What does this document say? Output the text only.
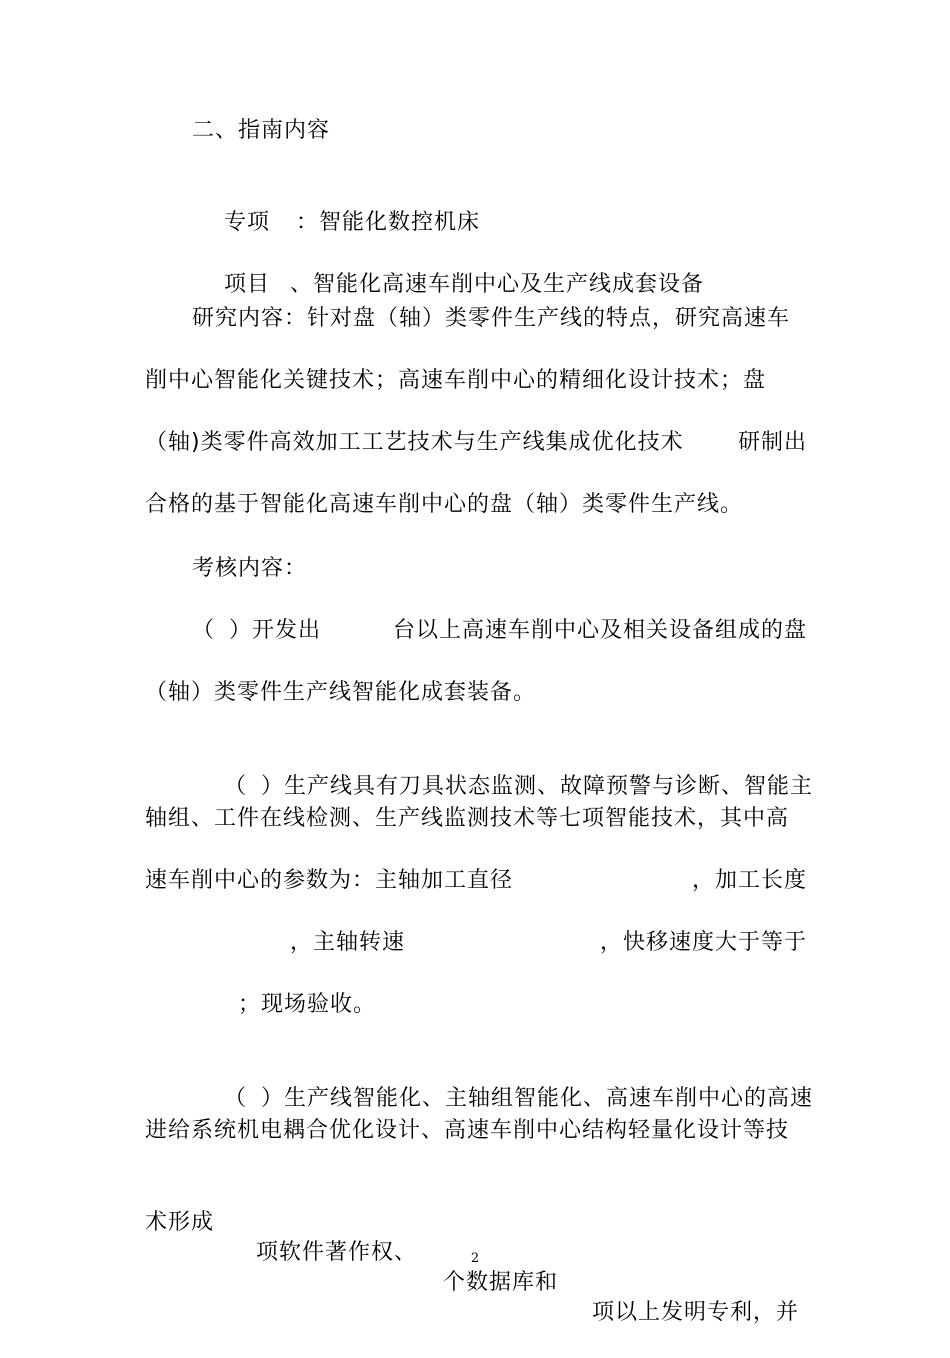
二、指南内容

专项 ：智能化数控机床

项目 、智能化高速车削中心及生产线成套设备

研究内容：针对盘（轴）类零件生产线的特点，研究高速车
削中心智能化关键技术；高速车削中心的精细化设计技术；盘
（轴)类零件高效加工工艺技术与生产线集成优化技术 研制出
合格的基于智能化高速车削中心的盘（轴）类零件生产线。
考核内容：
（ ）开发出	台以上高速车削中心及相关设备组成的盘
（轴）类零件生产线智能化成套装备。

（ ）生产线具有刀具状态监测、故障预警与诊断、智能主

轴组、工件在线检测、生产线监测技术等七项智能技术，其中高
速车削中心的参数为：主轴加工直径	，加工长度
，主轴转速	，快移速度大于等于
；现场验收。

（ ）生产线智能化、主轴组智能化、高速车削中心的高速

进给系统机电耦合优化设计、高速车削中心结构轻量化设计等技

术形成

项软件著作权、

个数据库和

项以上发明专利，并

2
